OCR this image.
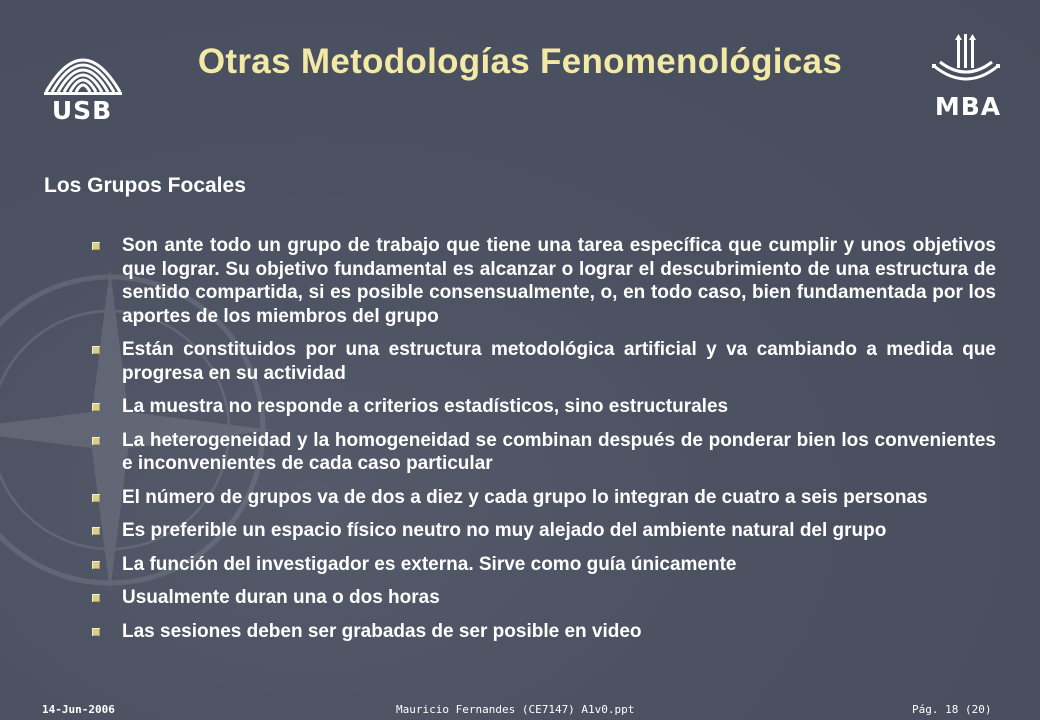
USB	MBA
Otras Metodologías Fenomenológicas
Los Grupos Focales
Son ante todo un grupo de trabajo que tiene una tarea específica que cumplir y unos objetivos que lograr. Su objetivo fundamental es alcanzar o lograr el descubrimiento de una estructura de sentido compartida, si es posible consensualmente, o, en todo caso, bien fundamentada por los aportes de los miembros del grupo
Están constituidos por una estructura metodológica artificial y va cambiando a medida que progresa en su actividad
La muestra no responde a criterios estadísticos, sino estructurales
La heterogeneidad y la homogeneidad se combinan después de ponderar bien los convenientes e inconvenientes de cada caso particular
El número de grupos va de dos a diez y cada grupo lo integran de cuatro a seis personas
Es preferible un espacio físico neutro no muy alejado del ambiente natural del grupo
La función del investigador es externa. Sirve como guía únicamente
Usualmente duran una o dos horas
Las sesiones deben ser grabadas de ser posible en video
14-Jun-2006	Mauricio Fernandes (CE7147) A1v0.ppt	Pág. 18 (20)
